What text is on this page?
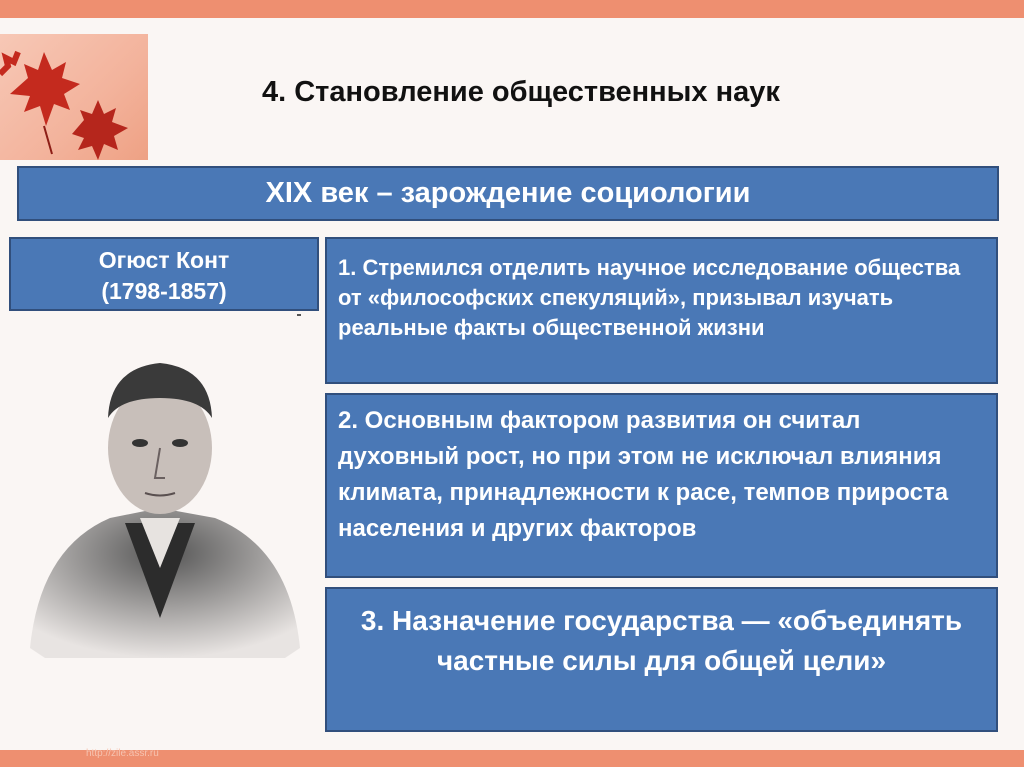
4. Становление общественных наук
XIX век – зарождение социологии
Огюст Конт
(1798-1857)
1. Стремился отделить научное исследование общества от «философских спекуляций», призывал изучать реальные факты общественной жизни
2. Основным фактором развития он считал духовный рост, но при этом не исключал влияния климата, принадлежности к расе, темпов прироста населения и других факторов
3. Назначение государства — «объединять частные силы для общей цели»
http://zile.assr.ru
